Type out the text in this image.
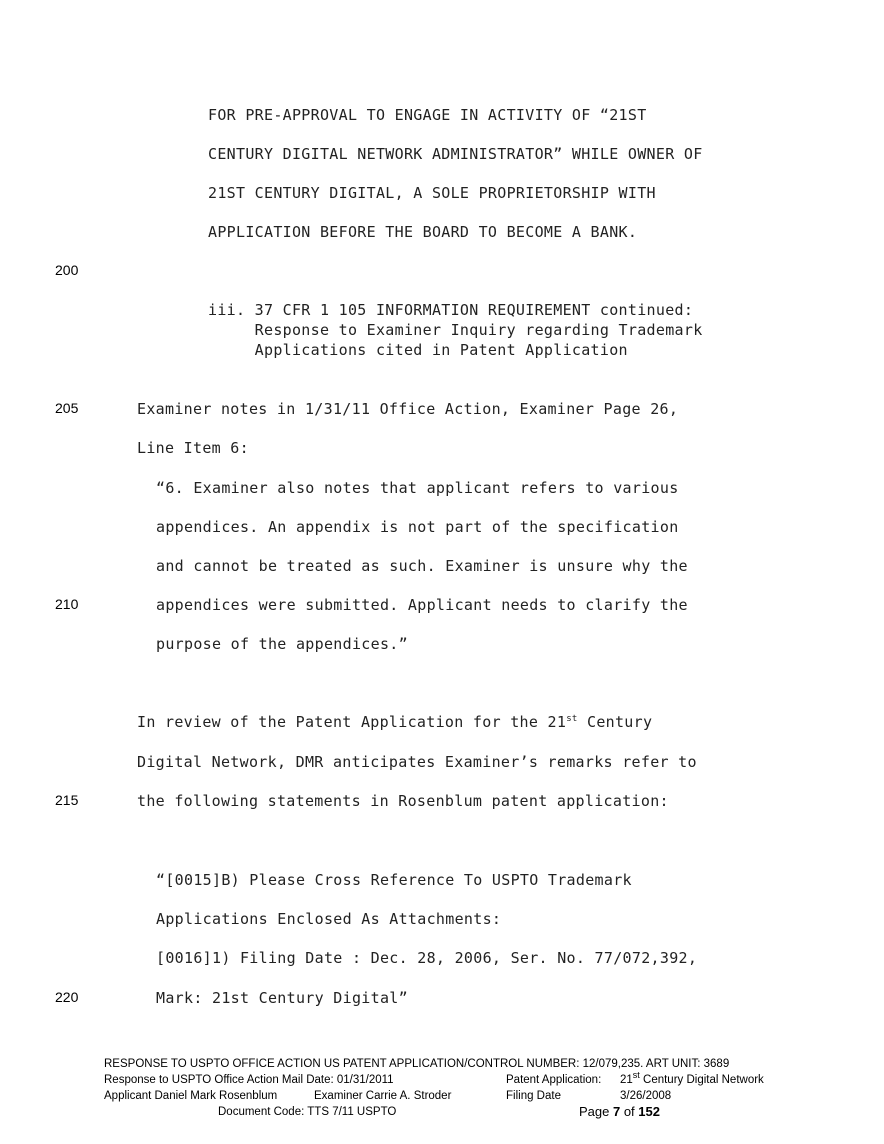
FOR PRE-APPROVAL TO ENGAGE IN ACTIVITY OF “21ST
CENTURY DIGITAL NETWORK ADMINISTRATOR” WHILE OWNER OF
21ST CENTURY DIGITAL, A SOLE PROPRIETORSHIP WITH
APPLICATION BEFORE THE BOARD TO BECOME A BANK.
iii. 37 CFR 1 105 INFORMATION REQUIREMENT continued:
Response to Examiner Inquiry regarding Trademark
Applications cited in Patent Application
Examiner notes in 1/31/11 Office Action, Examiner Page 26,
Line Item 6:
“6. Examiner also notes that applicant refers to various
appendices. An appendix is not part of the specification
and cannot be treated as such. Examiner is unsure why the
appendices were submitted. Applicant needs to clarify the
purpose of the appendices.”
In review of the Patent Application for the 21st Century
Digital Network, DMR anticipates Examiner’s remarks refer to
the following statements in Rosenblum patent application:
“[0015]B) Please Cross Reference To USPTO Trademark
Applications Enclosed As Attachments:
[0016]1) Filing Date : Dec. 28, 2006, Ser. No. 77/072,392,
Mark: 21st Century Digital”
200
205
210
215
220
RESPONSE TO USPTO OFFICE ACTION US PATENT APPLICATION/CONTROL NUMBER: 12/079,235. ART UNIT: 3689
Response to USPTO Office Action Mail Date: 01/31/2011	Patent Application: 21st Century Digital Network
Applicant Daniel Mark Rosenblum	Examiner Carrie A. Stroder	Filing Date	3/26/2008
Document Code: TTS 7/11 USPTO	Page 7 of 152
